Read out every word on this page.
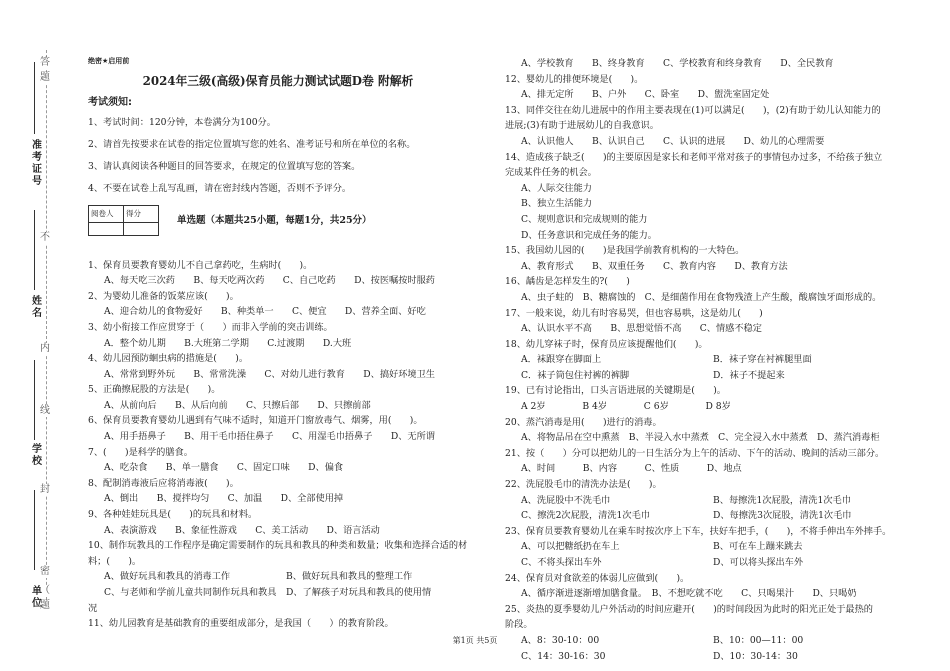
答
题
不
内
线
封
密
（
题
准考证号
姓名
学校
单位
绝密★启用前
2024年三级(高级)保育员能力测试试题D卷 附解析
考试须知:
1、考试时间：120分钟，本卷满分为100分。
2、请首先按要求在试卷的指定位置填写您的姓名、准考证号和所在单位的名称。
3、请认真阅读各种题目的回答要求，在规定的位置填写您的答案。
4、不要在试卷上乱写乱画，请在密封线内答题，否则不予评分。
阅卷人	得分

单选题（本题共25小题，每题1分，共25分）
1、保育员要教育婴幼儿不自己拿药吃，生病时(　　)。
A、每天吃三次药　　B、每天吃两次药　　C、自己吃药　　D、按医嘱按时服药
2、为婴幼儿准备的饭菜应该(　　)。
A、迎合幼儿的食物爱好　　B、种类单一　　C、便宜　　D、营养全面、好吃
3、幼小衔接工作应贯穿于（　　）而非入学前的突击训练。
A．整个幼儿期　　B.大班第二学期　　C.过渡期　　D.大班
4、幼儿园预防蛔虫病的措施是(　　)。
A、常常到野外玩　　B、常常洗澡　　C、对幼儿进行教育　　D、搞好环境卫生
5、正确擦屁股的方法是(　　)。
A、从前向后　　B、从后向前　　C、只擦后部　　D、只擦前部
6、保育员要教育婴幼儿遇到有气味不适时，知道开门窗放毒气、烟雾，用(　　)。
A、用手捂鼻子　　B、用干毛巾捂住鼻子　　C、用湿毛巾捂鼻子　　D、无所谓
7、(　　)是科学的膳食。
A、吃杂食　　B、单一膳食　　C、固定口味　　D、偏食
8、配制消毒液后应将消毒液(　　)。
A、倒出　　B、搅拌均匀　　C、加温　　D、全部使用掉
9、各种娃娃玩具是(　　)的玩具和材料。
A、表演游戏　　B、象征性游戏　　C、美工活动　　D、语言活动
10、制作玩教具的工作程序是确定需要制作的玩具和教具的种类和数量；收集和选择合适的材
料；(　　)。
A、做好玩具和教具的消毒工作	B、做好玩具和教具的整理工作
C、与老师和学前儿童共同制作玩具和教具	D、了解孩子对玩具和教具的使用情
况
11、幼儿园教育是基础教育的重要组成部分，是我国（　　）的教育阶段。
A、学校教育　　B、终身教育　　C、学校教育和终身教育　　D、全民教育
12、婴幼儿的排便环境是(　　)。
A、排无定所　　B、户外　　C、卧室　　D、盥洗室固定处
13、同伴交往在幼儿进展中的作用主要表现在(1)可以满足(　　)，(2)有助于幼儿认知能力的
进展;(3)有助于进展幼儿的自我意识。
A、认识他人　　B、认识自己　　C、认识的进展　　D、幼儿的心理需要
14、造成孩子缺乏(　　)的主要原因是家长和老师平常对孩子的事情包办过多，不给孩子独立
完成某件任务的机会。
A、人际交往能力
B、独立生活能力
C、规则意识和完成规则的能力
D、任务意识和完成任务的能力。
15、我国幼儿园的(　　)是我国学前教育机构的一大特色。
A、教育形式　　B、双重任务　　C、教育内容　　D、教育方法
16、龋齿是怎样发生的?(　　)
A、虫子蛀的　B、糖腐蚀的　C、是细菌作用在食物残渣上产生酸，酸腐蚀牙面形成的。
17、一般来说，幼儿有时容易哭，但也容易哄，这是幼儿(　　)
A、认识水平不高　　B、思想觉悟不高　　C、情感不稳定
18、幼儿穿袜子时，保育员应该提醒他们(　　)。
A．袜跟穿在脚面上	B．袜子穿在衬裤腿里面
C．袜子筒包住衬裤的裤脚	D．袜子不提起来
19、已有讨论指出，口头言语进展的关键期是(　　)。
A 2岁　　　　B 4岁　　　　C 6岁　　　　D 8岁
20、蒸汽消毒是用(　　)进行的消毒。
A、将物品吊在空中熏蒸　B、半浸入水中蒸煮　C、完全浸入水中蒸煮　D、蒸汽消毒柜
21、按（　　）分可以把幼儿的一日生活分为上午的活动、下午的活动、晚间的活动三部分。
A、时间　　　B、内容　　　C、性质　　　D、地点
22、洗屁股毛巾的清洗办法是(　　)。
A、洗屁股中不洗毛巾	B、每擦洗1次屁股，清洗1次毛巾
C、擦洗2次屁股，清洗1次毛巾	D、每擦洗3次屁股，清洗1次毛巾
23、保育员要教育婴幼儿在乘车时按次序上下车，扶好车把手，(　　)，不将手伸出车外摔手。
A、可以把糖纸扔在车上	B、可在车上蹦来跳去
C、不将头探出车外	D、可以将头探出车外
24、保育员对食欲差的体弱儿应做到(　　)。
A、循序渐进逐渐增加膳食量。　B、不想吃就不吃　　C、只喝果汁　　D、只喝奶
25、炎热的夏季婴幼儿户外活动的时间应避开(　　)的时间段因为此时的阳光正处于最热的
阶段。
A、8：30-10：00	B、10：00—11：00
C、14：30-16：30	D、10：30-14：30
第1页 共5页
